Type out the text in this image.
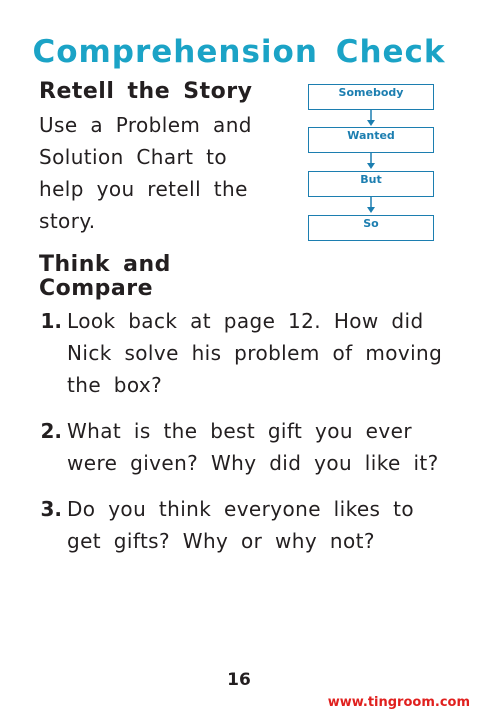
Comprehension Check
Retell the Story
Use a Problem and
Solution Chart to
help you retell the
story.
Somebody
Wanted
But
So
Think and
Compare
1. Look back at page 12. How did
Nick solve his problem of moving
the box?
2. What is the best gift you ever
were given? Why did you like it?
3. Do you think everyone likes to
get gifts? Why or why not?
16
www.tingroom.com
